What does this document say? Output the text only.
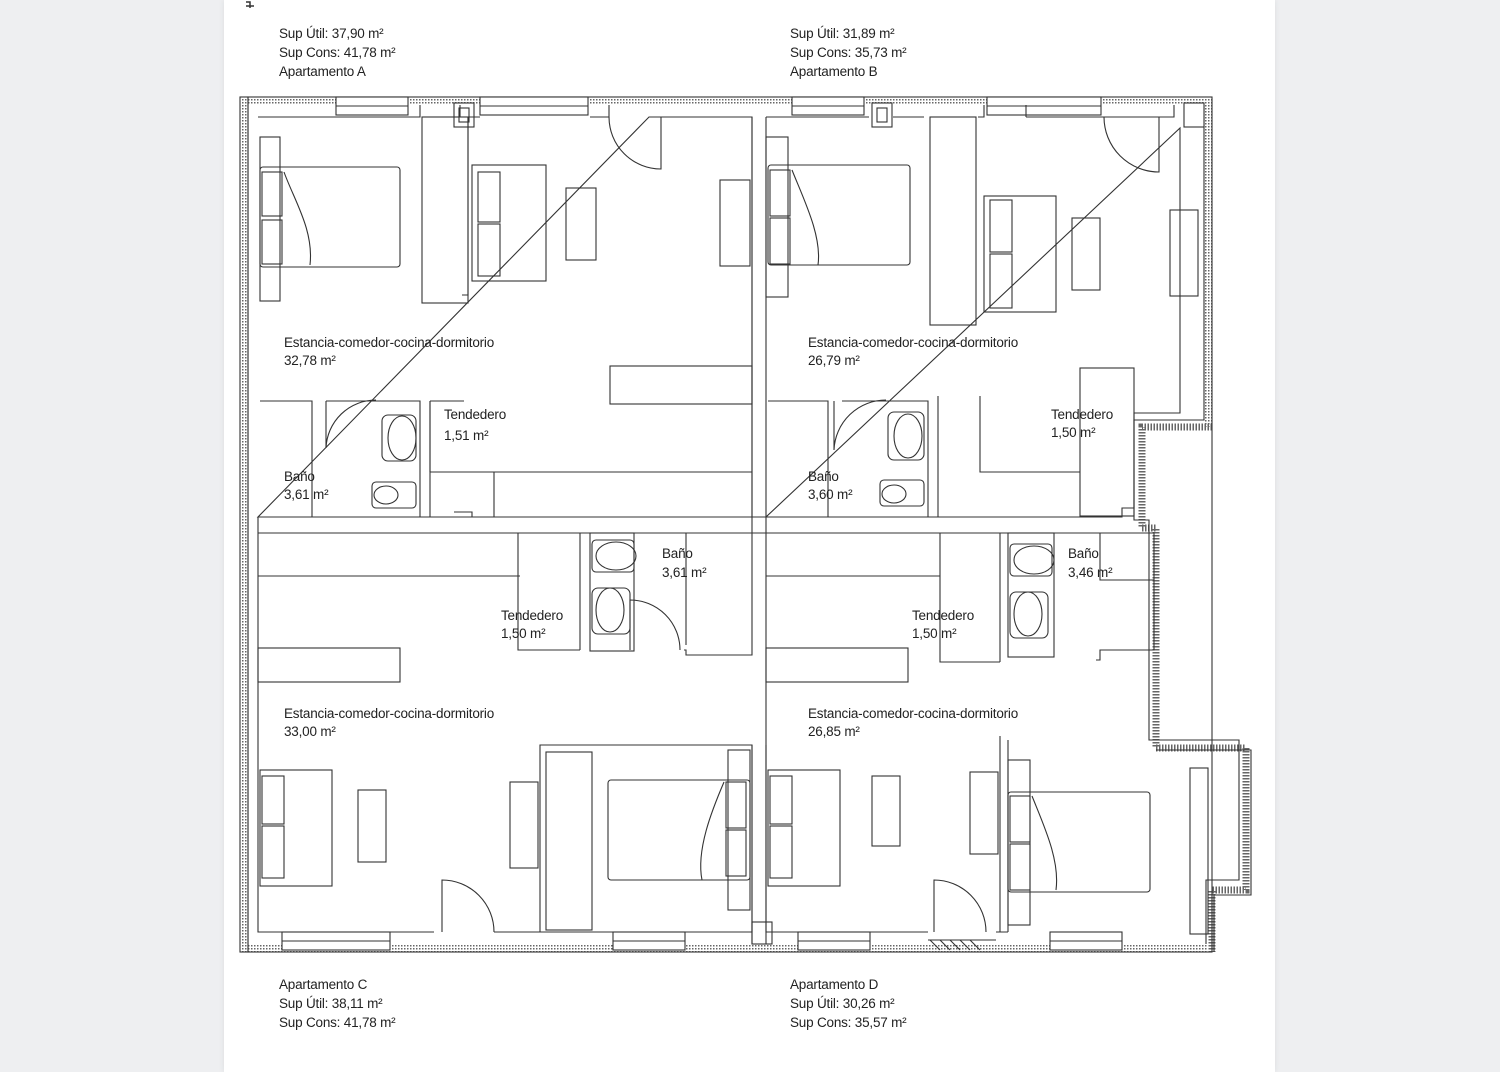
Sup Útil: 37,90 m²
Sup Cons: 41,78 m²
Apartamento A
Sup Útil: 31,89 m²
Sup Cons: 35,73 m²
Apartamento B
Estancia-comedor-cocina-dormitorio
32,78 m²
Tendedero
1,51 m²
Baño
3,61 m²
Estancia-comedor-cocina-dormitorio
26,79 m²
Tendedero
1,50 m²
Baño
3,60 m²
Baño
3,61 m²
Tendedero
1,50 m²
Estancia-comedor-cocina-dormitorio
33,00 m²
Baño
3,46 m²
Tendedero
1,50 m²
Estancia-comedor-cocina-dormitorio
26,85 m²
Apartamento C
Sup Útil: 38,11 m²
Sup Cons: 41,78 m²
Apartamento D
Sup Útil: 30,26 m²
Sup Cons: 35,57 m²
